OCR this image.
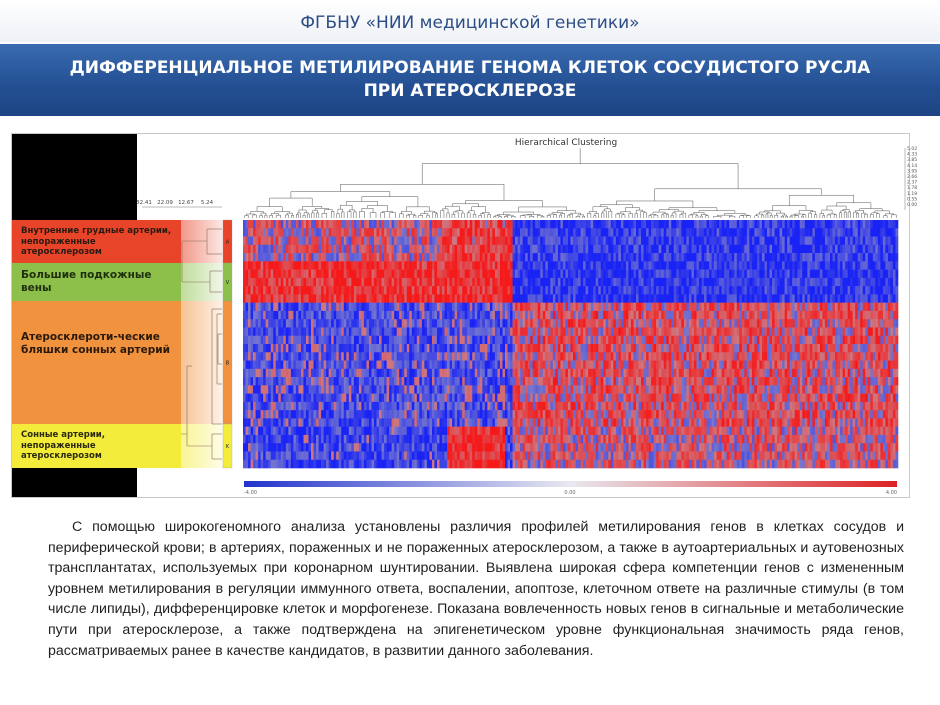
ФГБНУ «НИИ медицинской генетики»
ДИФФЕРЕНЦИАЛЬНОЕ МЕТИЛИРОВАНИЕ ГЕНОМА КЛЕТОК СОСУДИСТОГО РУСЛА
ПРИ АТЕРОСКЛЕРОЗЕ
Hierarchical Clustering
5.02
4.33
3.85
4.14
3.95
2.66
2.37
1.78
1.19
0.55
0.00
32.41 22.09 12.67 5.24
A
V
B
K
-4.00	0.00	4.00
Внутренние грудные артерии, непораженные атеросклерозом
Большие подкожные вены
Атеросклероти-ческие бляшки сонных артерий
Сонные артерии, непораженные атеросклерозом

С помощью широкогеномного анализа установлены различия профилей метилирования генов в клетках сосудов и периферической крови; в артериях, пораженных и не пораженных атеросклерозом, а также в аутоартериальных и аутовенозных трансплантатах, используемых при коронарном шунтировании. Выявлена широкая сфера компетенции генов с измененным уровнем метилирования в регуляции иммунного ответа, воспалении, апоптозе, клеточном ответе на различные стимулы (в том числе липиды), дифференцировке клеток и морфогенезе. Показана вовлеченность новых генов в сигнальные и метаболические пути при атеросклерозе, а также подтверждена на эпигенетическом уровне функциональная значимость ряда генов, рассматриваемых ранее в качестве кандидатов, в развитии данного заболевания.
